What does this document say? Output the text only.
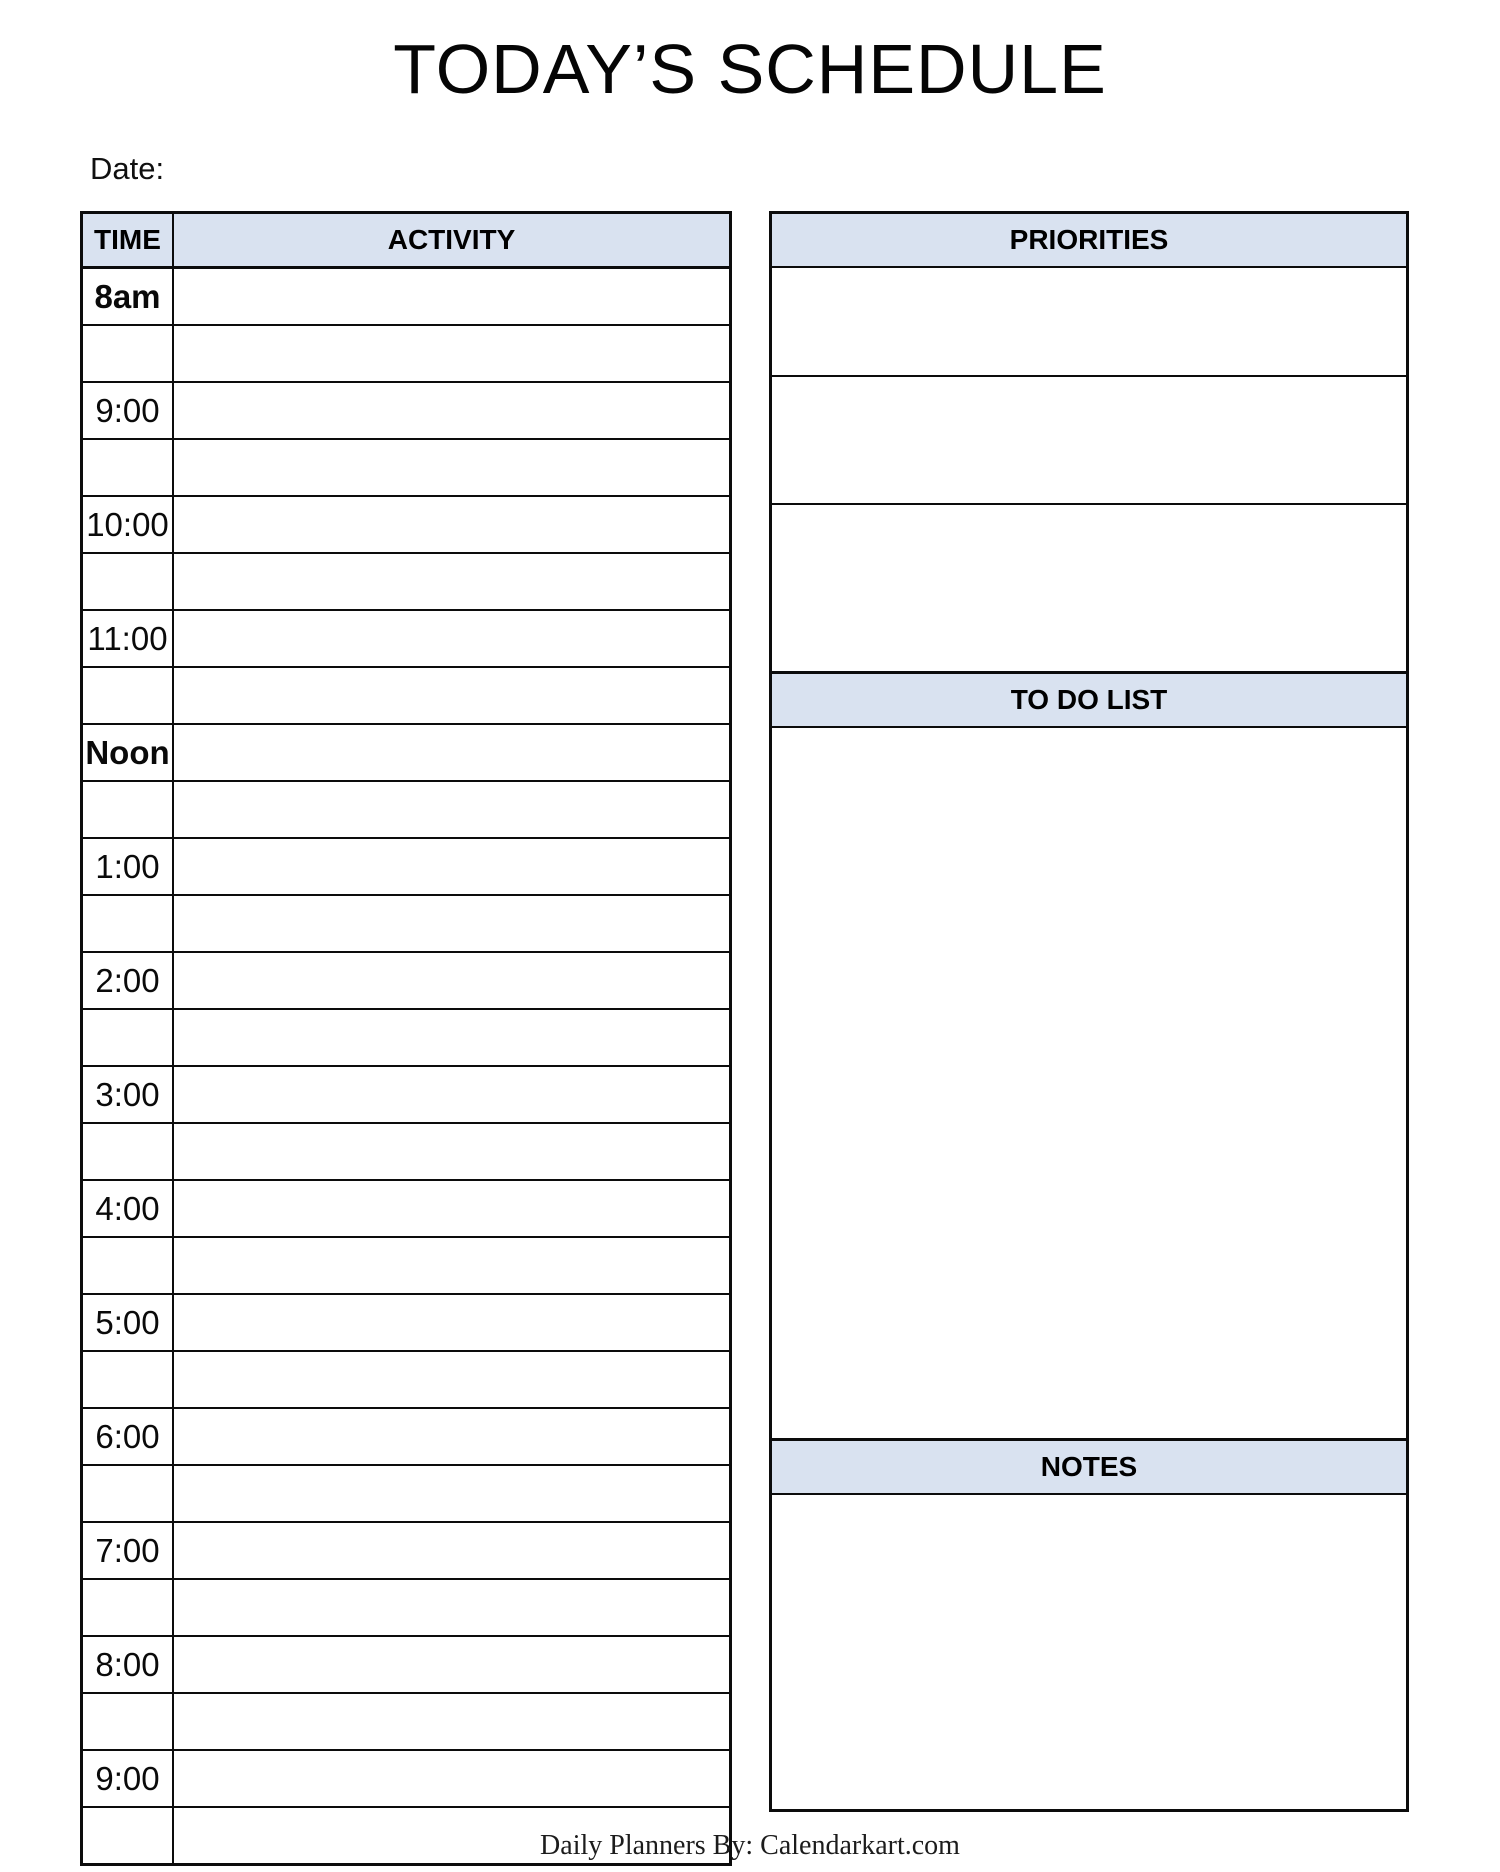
TODAY’S SCHEDULE
Date:
TIME	ACTIVITY
8am	

9:00	

10:00	

11:00	

Noon	

1:00	

2:00	

3:00	

4:00	

5:00	

6:00	

7:00	

8:00	

9:00	

PRIORITIES
TO DO LIST
NOTES
Daily Planners By: Calendarkart.com
